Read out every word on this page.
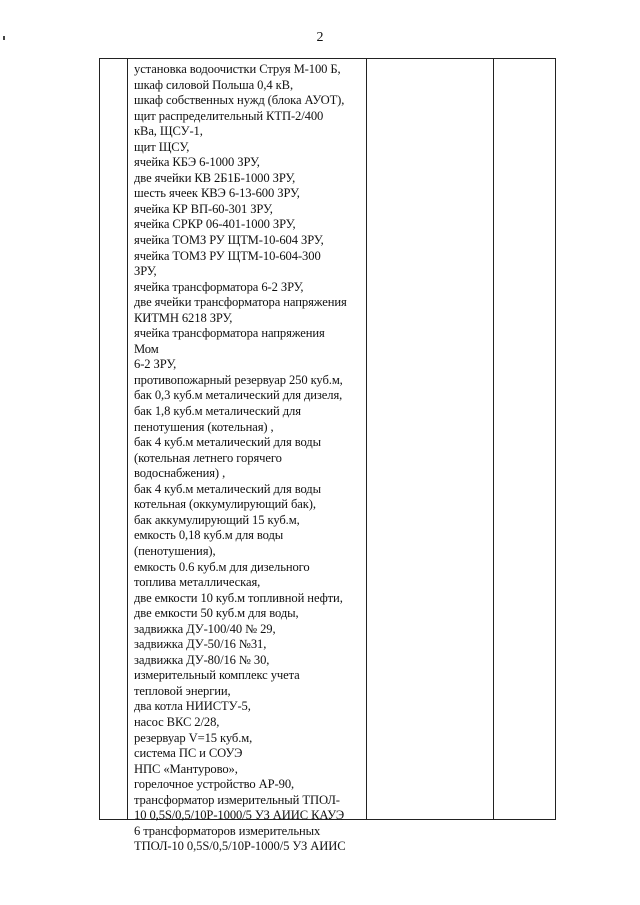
2
установка водоочистки Струя М-100 Б,
шкаф силовой Польша 0,4 кВ,
шкаф собственных нужд (блока АУОТ),
щит распределительный КТП-2/400
кВа, ЩСУ-1,
щит ЩСУ,
ячейка КБЭ 6-1000 ЗРУ,
две ячейки КВ 2Б1Б-1000 ЗРУ,
шесть ячеек КВЭ 6-13-600 ЗРУ,
ячейка КР ВП-60-301 ЗРУ,
ячейка СРКР 06-401-1000 ЗРУ,
ячейка ТОМЗ РУ ЩТМ-10-604 ЗРУ,
ячейка ТОМЗ РУ ЩТМ-10-604-300
ЗРУ,
ячейка трансформатора 6-2 ЗРУ,
две ячейки трансформатора напряжения
КИТМН 6218 ЗРУ,
ячейка трансформатора напряжения
Мом
6-2 ЗРУ,
противопожарный резервуар 250 куб.м,
бак 0,3 куб.м металический для дизеля,
бак 1,8 куб.м металический для
пенотушения (котельная) ,
бак 4 куб.м металический для воды
(котельная летнего горячего
водоснабжения) ,
бак 4 куб.м металический для воды
котельная (оккумулирующий бак),
бак аккумулирующий 15 куб.м,
емкость 0,18 куб.м для воды
(пенотушения),
емкость 0.6 куб.м для дизельного
топлива металлическая,
две емкости 10 куб.м топливной нефти,
две емкости 50 куб.м для воды,
задвижка ДУ-100/40 № 29,
задвижка ДУ-50/16 №31,
задвижка ДУ-80/16 № 30,
измерительный комплекс учета
тепловой энергии,
два котла НИИСТУ-5,
насос ВКС 2/28,
резервуар V=15 куб.м,
система ПС и СОУЭ
НПС «Мантурово»,
горелочное устройство АР-90,
трансформатор измерительный ТПОЛ-
10 0,5S/0,5/10Р-1000/5 УЗ АИИС КАУЭ
6 трансформаторов измерительных
ТПОЛ-10 0,5S/0,5/10Р-1000/5 УЗ АИИС
